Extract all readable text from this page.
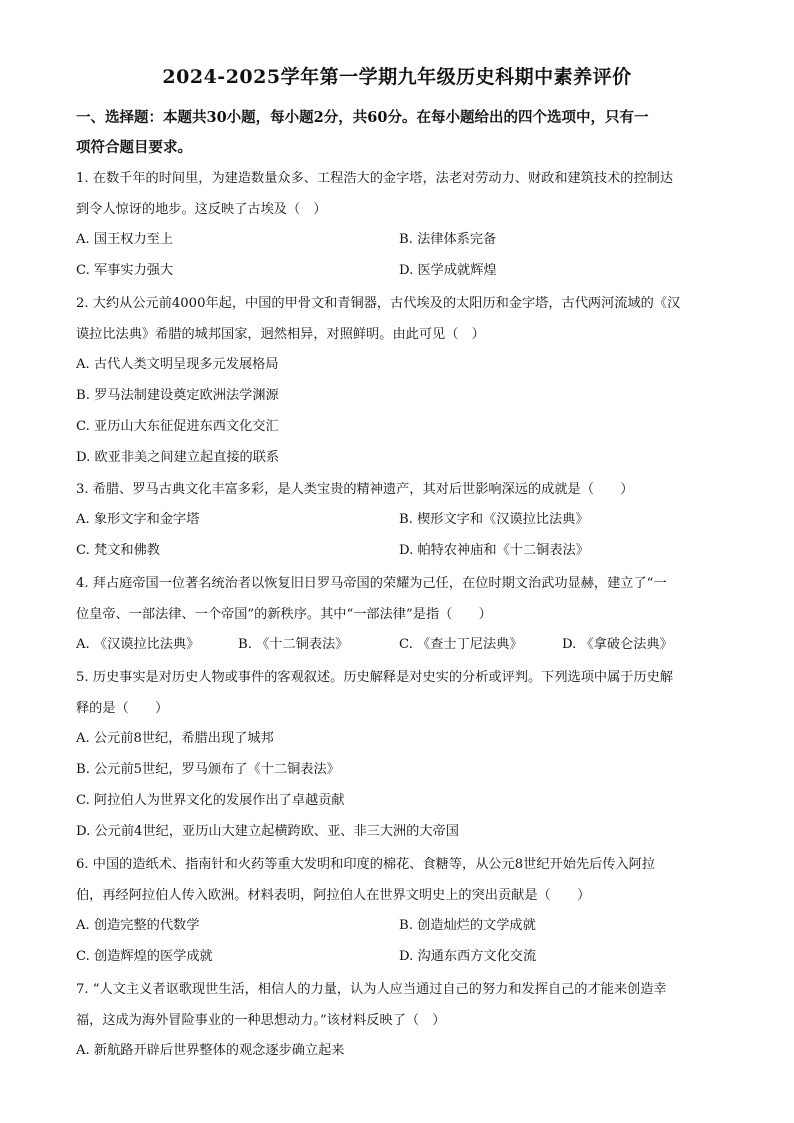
2024-2025学年第一学期九年级历史科期中素养评价
一、选择题：本题共30小题，每小题2分，共60分。在每小题给出的四个选项中，只有一
项符合题目要求。
1. 在数千年的时间里，为建造数量众多、工程浩大的金字塔，法老对劳动力、财政和建筑技术的控制达
到令人惊讶的地步。这反映了古埃及（　）
A. 国王权力至上	B. 法律体系完备
C. 军事实力强大	D. 医学成就辉煌
2. 大约从公元前4000年起，中国的甲骨文和青铜器，古代埃及的太阳历和金字塔，古代两河流域的《汉
谟拉比法典》希腊的城邦国家，迥然相异，对照鲜明。由此可见（　）
A. 古代人类文明呈现多元发展格局
B. 罗马法制建设奠定欧洲法学渊源
C. 亚历山大东征促进东西文化交汇
D. 欧亚非美之间建立起直接的联系
3. 希腊、罗马古典文化丰富多彩，是人类宝贵的精神遗产，其对后世影响深远的成就是（　　）
A. 象形文字和金字塔	B. 楔形文字和《汉谟拉比法典》
C. 梵文和佛教	D. 帕特农神庙和《十二铜表法》
4. 拜占庭帝国一位著名统治者以恢复旧日罗马帝国的荣耀为己任，在位时期文治武功显赫，建立了“一
位皇帝、一部法律、一个帝国”的新秩序。其中“一部法律”是指（　　）
A. 《汉谟拉比法典》	B. 《十二铜表法》	C. 《查士丁尼法典》	D. 《拿破仑法典》
5. 历史事实是对历史人物或事件的客观叙述。历史解释是对史实的分析或评判。下列选项中属于历史解
释的是（　　）
A. 公元前8世纪，希腊出现了城邦
B. 公元前5世纪，罗马颁布了《十二铜表法》
C. 阿拉伯人为世界文化的发展作出了卓越贡献
D. 公元前4世纪，亚历山大建立起横跨欧、亚、非三大洲的大帝国
6. 中国的造纸术、指南针和火药等重大发明和印度的棉花、食糖等，从公元8世纪开始先后传入阿拉
伯，再经阿拉伯人传入欧洲。材料表明，阿拉伯人在世界文明史上的突出贡献是（　　）
A. 创造完整的代数学	B. 创造灿烂的文学成就
C. 创造辉煌的医学成就	D. 沟通东西方文化交流
7. “人文主义者讴歌现世生活，相信人的力量，认为人应当通过自己的努力和发挥自己的才能来创造幸
福，这成为海外冒险事业的一种思想动力。”该材料反映了（　）
A. 新航路开辟后世界整体的观念逐步确立起来
